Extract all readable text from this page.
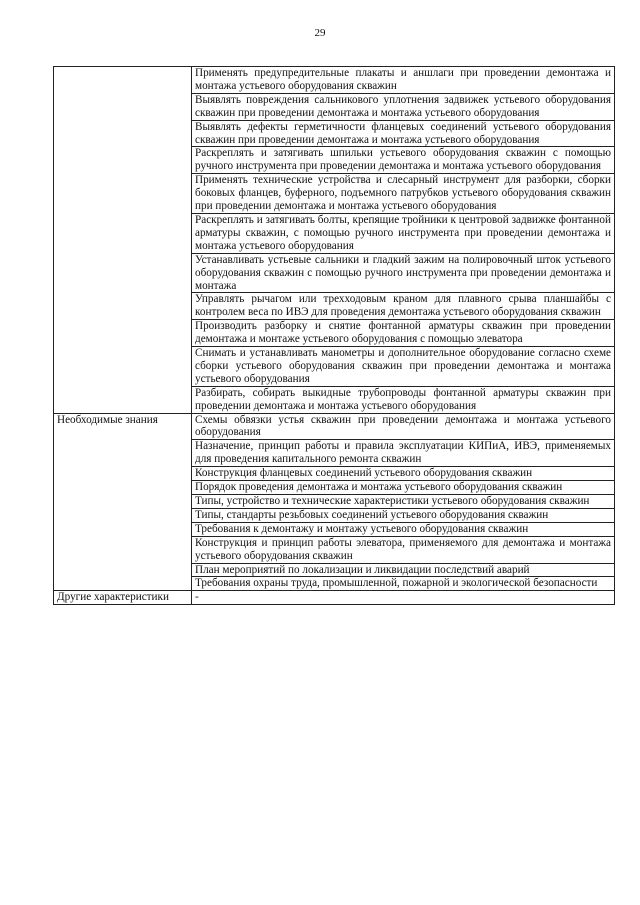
29

	Применять предупредительные плакаты и аншлаги при проведении демонтажа и монтажа устьевого оборудования скважин

	Выявлять повреждения сальникового уплотнения задвижек устьевого оборудования скважин при проведении демонтажа и монтажа устьевого оборудования

	Выявлять дефекты герметичности фланцевых соединений устьевого оборудования скважин при проведении демонтажа и монтажа устьевого оборудования

	Раскреплять и затягивать шпильки устьевого оборудования скважин с помощью ручного инструмента при проведении демонтажа и монтажа устьевого оборудования

	Применять технические устройства и слесарный инструмент для разборки, сборки боковых фланцев, буферного, подъемного патрубков устьевого оборудования скважин при проведении демонтажа и монтажа устьевого оборудования

	Раскреплять и затягивать болты, крепящие тройники к центровой задвижке фонтанной арматуры скважин, с помощью ручного инструмента при проведении демонтажа и монтажа устьевого оборудования

	Устанавливать устьевые сальники и гладкий зажим на полировочный шток устьевого оборудования скважин с помощью ручного инструмента при проведении демонтажа и монтажа

	Управлять рычагом или трехходовым краном для плавного срыва планшайбы с контролем веса по ИВЭ для проведения демонтажа устьевого оборудования скважин

	Производить разборку и снятие фонтанной арматуры скважин при проведении демонтажа и монтаже устьевого оборудования с помощью элеватора

	Снимать и устанавливать манометры и дополнительное оборудование согласно схеме сборки устьевого оборудования скважин при проведении демонтажа и монтажа устьевого оборудования

	Разбирать, собирать выкидные трубопроводы фонтанной арматуры скважин при проведении демонтажа и монтажа устьевого оборудования

Необходимые знания	Схемы обвязки устья скважин при проведении демонтажа и монтажа устьевого оборудования

	Назначение, принцип работы и правила эксплуатации КИПиА, ИВЭ, применяемых для проведения капитального ремонта скважин

	Конструкция фланцевых соединений устьевого оборудования скважин

	Порядок проведения демонтажа и монтажа устьевого оборудования скважин

	Типы, устройство и технические характеристики устьевого оборудования скважин

	Типы, стандарты резьбовых соединений устьевого оборудования скважин

	Требования к демонтажу и монтажу устьевого оборудования скважин

	Конструкция и принцип работы элеватора, применяемого для демонтажа и монтажа устьевого оборудования скважин

	План мероприятий по локализации и ликвидации последствий аварий

	Требования охраны труда, промышленной, пожарной и экологической безопасности

Другие характеристики	-
